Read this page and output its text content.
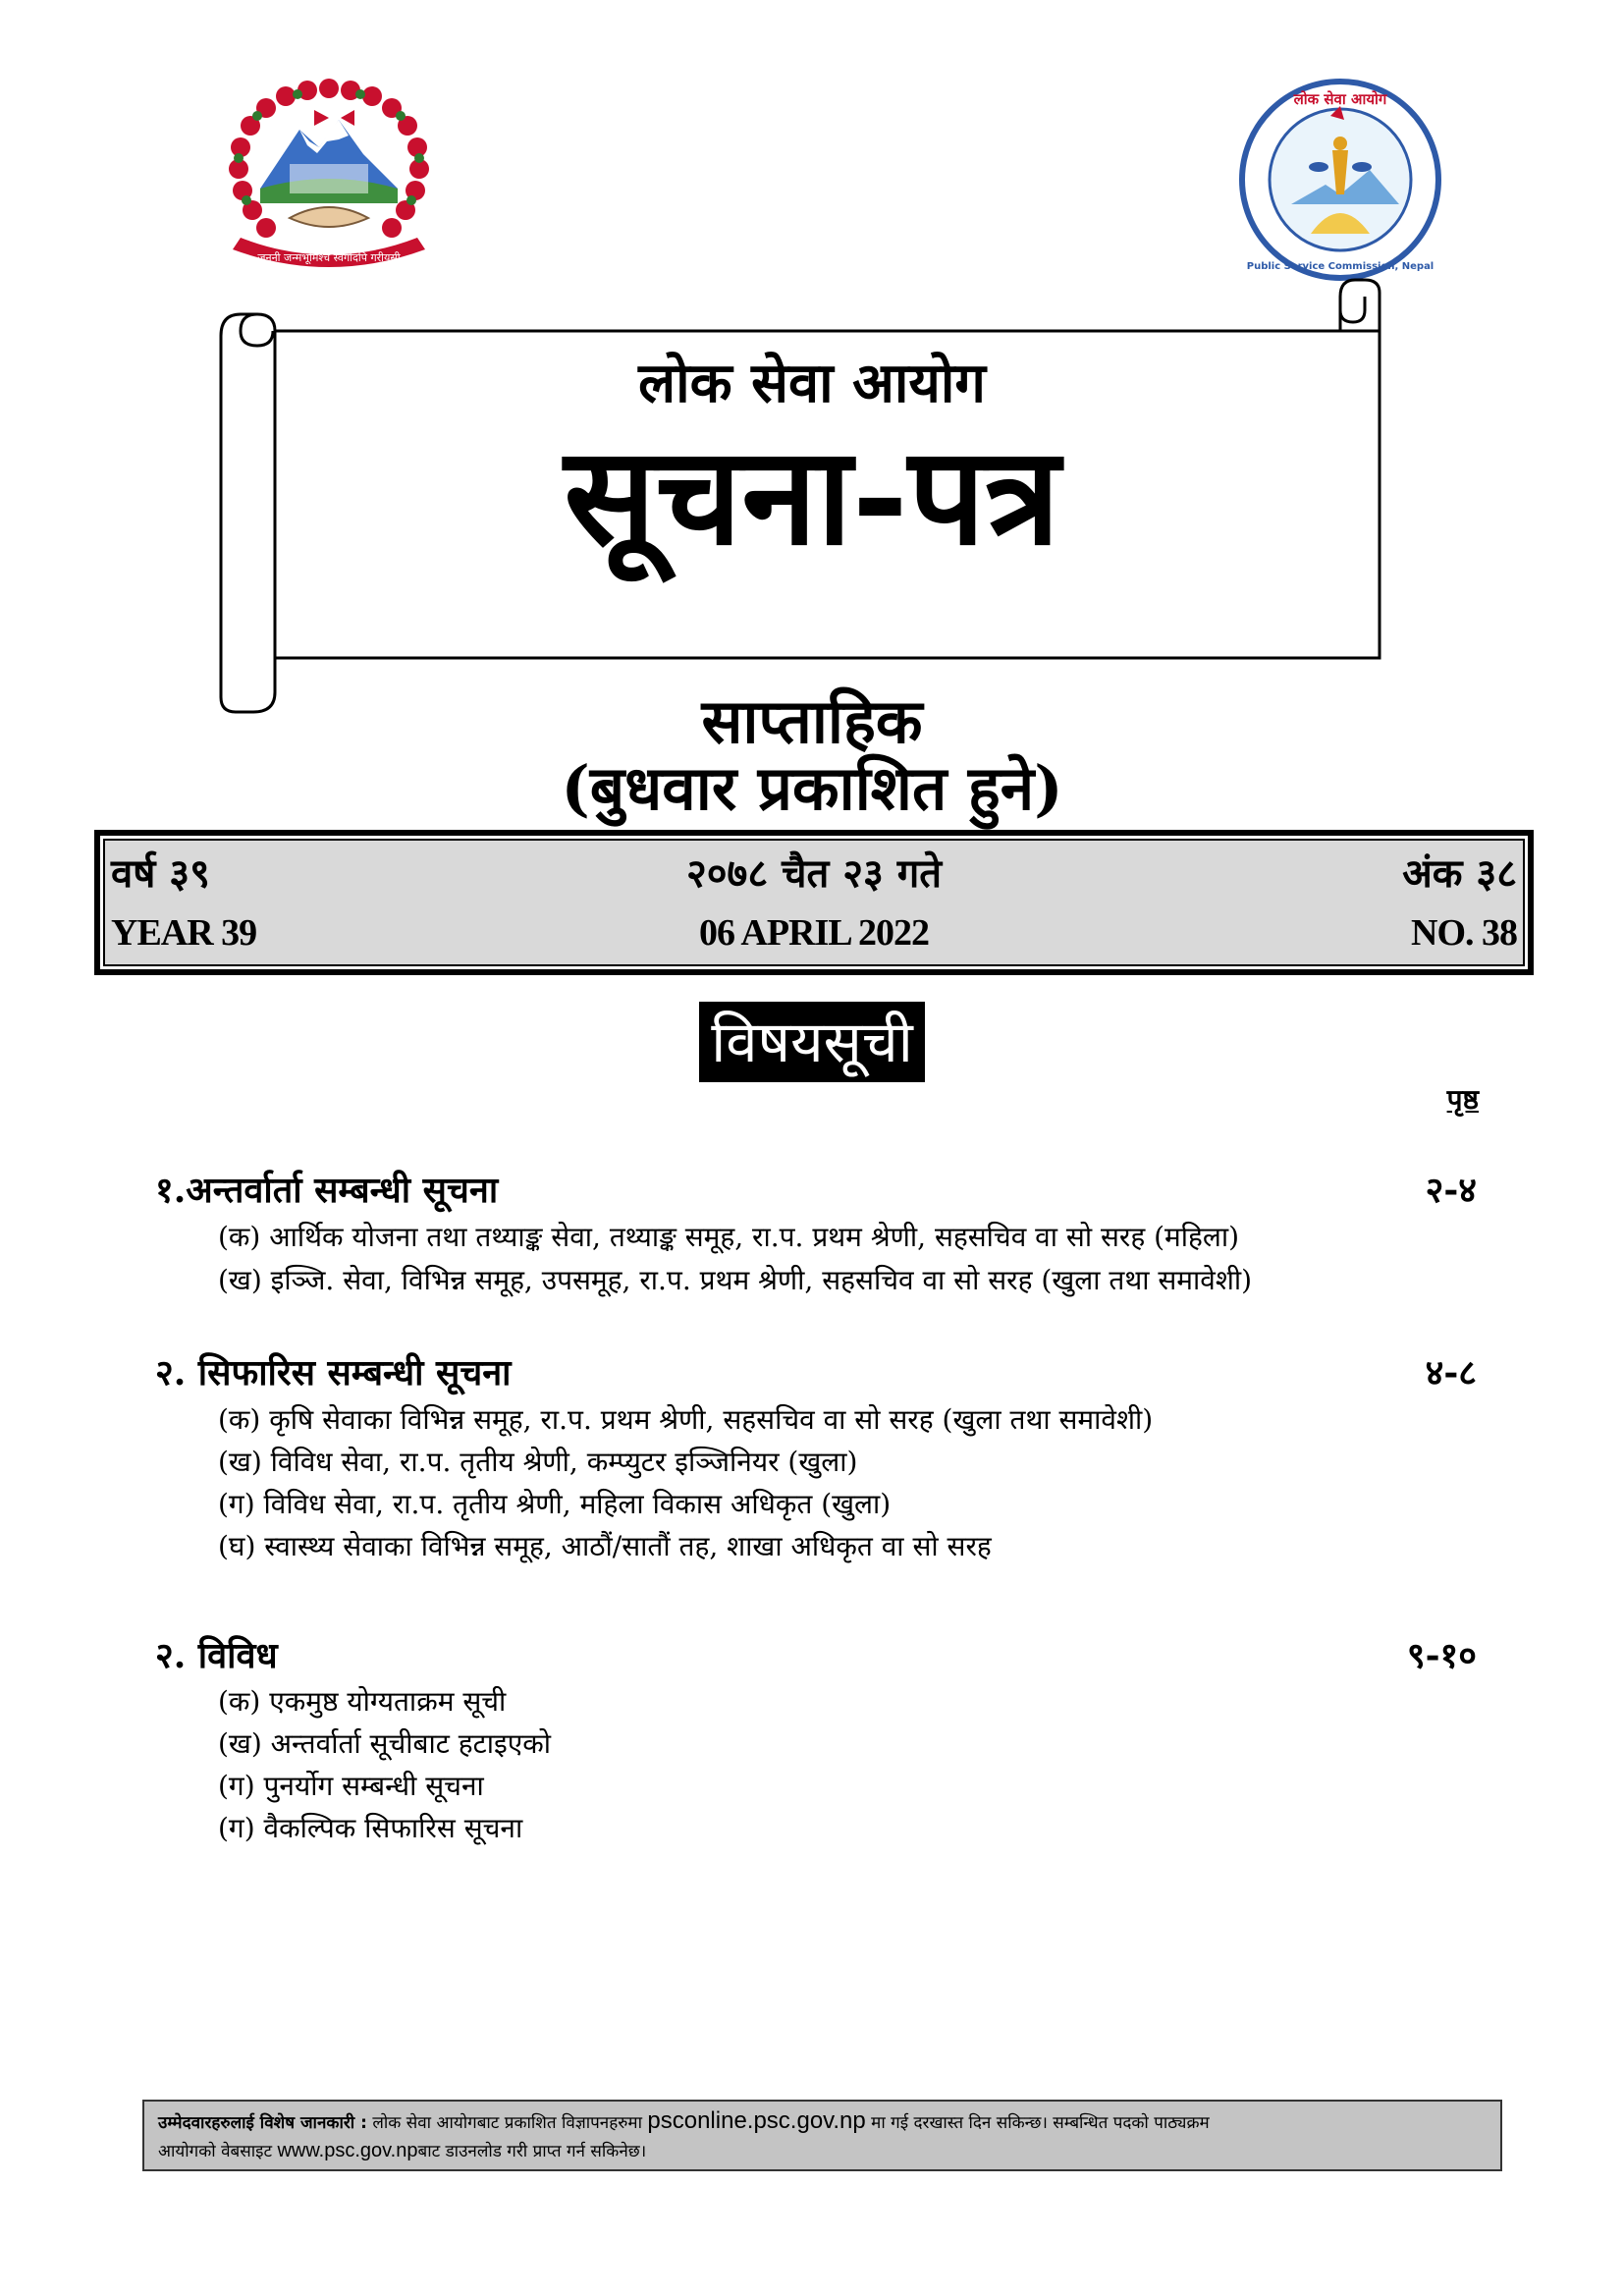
जननी जन्मभूमिश्च स्वर्गादपि गरीयसी
लोक सेवा आयोग
Public Service Commission, Nepal
लोक सेवा आयोग
सूचना-पत्र
साप्ताहिक
(बुधवार प्रकाशित हुने)
वर्ष ३९	२०७८ चैत २३ गते	अंक ३८
YEAR 39	06 APRIL 2022	NO. 38
विषयसूची
पृष्ठ
१.अन्तर्वार्ता सम्बन्धी सूचना	२-४
(क) आर्थिक योजना तथा तथ्याङ्क सेवा, तथ्याङ्क समूह, रा.प. प्रथम श्रेणी, सहसचिव वा सो सरह (महिला)
(ख) इञ्जि. सेवा, विभिन्न समूह, उपसमूह, रा.प. प्रथम श्रेणी, सहसचिव वा सो सरह (खुला तथा समावेशी)
२. सिफारिस सम्बन्धी सूचना	४-८
(क) कृषि सेवाका विभिन्न समूह, रा.प. प्रथम श्रेणी, सहसचिव वा सो सरह (खुला तथा समावेशी)
(ख) विविध सेवा, रा.प. तृतीय श्रेणी, कम्प्युटर इञ्जिनियर (खुला)
(ग) विविध सेवा, रा.प. तृतीय श्रेणी, महिला विकास अधिकृत (खुला)
(घ) स्वास्थ्य सेवाका विभिन्न समूह, आठौं/सातौं तह, शाखा अधिकृत वा सो सरह
२. विविध	९-१०
(क) एकमुष्ठ योग्यताक्रम सूची
(ख) अन्तर्वार्ता सूचीबाट हटाइएको
(ग) पुनर्योग सम्बन्धी सूचना
(ग) वैकल्पिक सिफारिस सूचना
उम्मेदवारहरुलाई विशेष जानकारी : लोक सेवा आयोगबाट प्रकाशित विज्ञापनहरुमा psconline.psc.gov.np मा गई दरखास्त दिन सकिन्छ। सम्बन्धित पदको पाठ्यक्रम
आयोगको वेबसाइट www.psc.gov.npबाट डाउनलोड गरी प्राप्त गर्न सकिनेछ।
